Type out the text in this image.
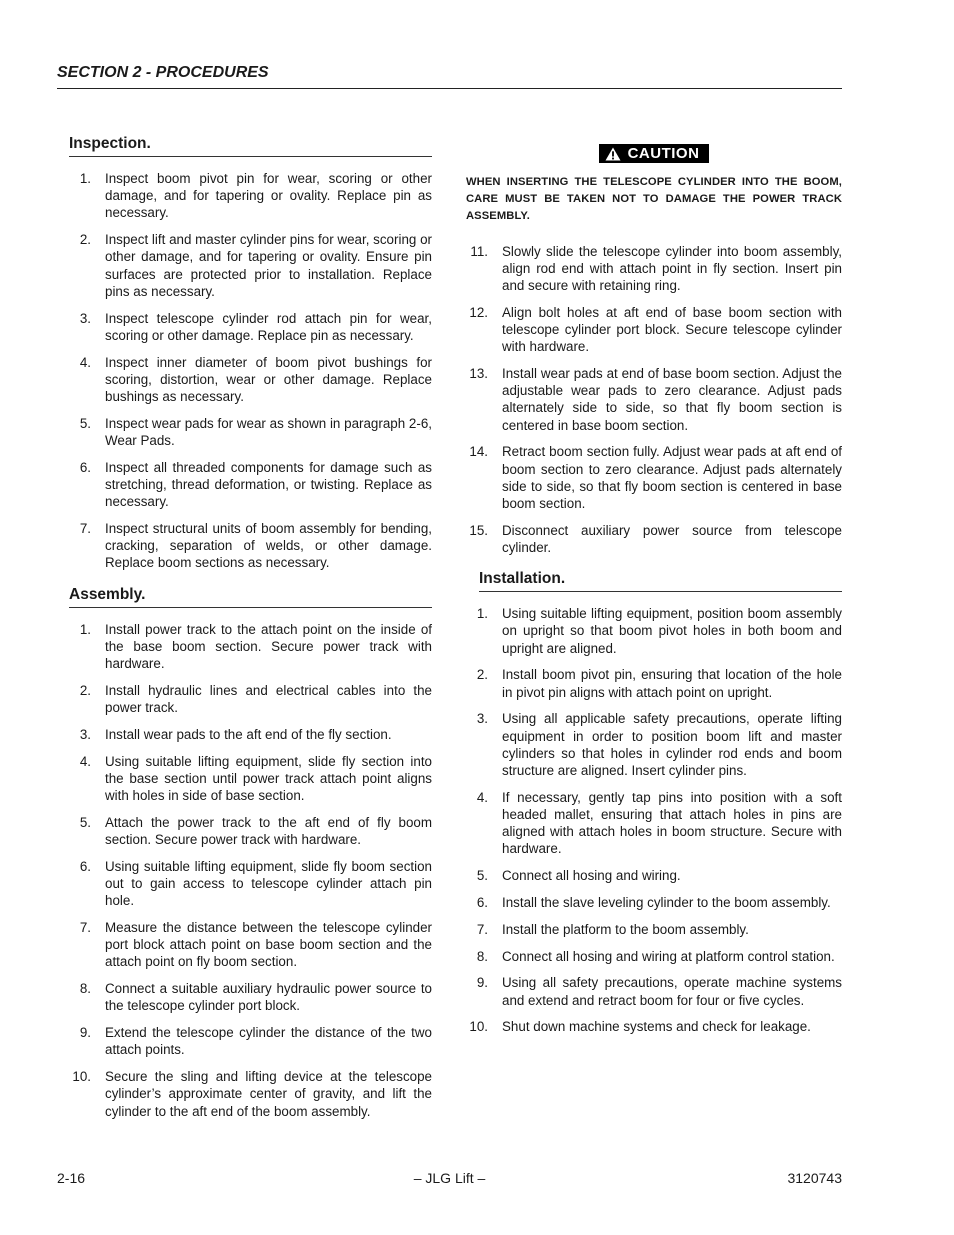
SECTION 2 - PROCEDURES
Inspection.
1.	Inspect boom pivot pin for wear, scoring or other damage, and for tapering or ovality. Replace pin as necessary.
2.	Inspect lift and master cylinder pins for wear, scoring or other damage, and for tapering or ovality. Ensure pin surfaces are protected prior to installation. Replace pins as necessary.
3.	Inspect telescope cylinder rod attach pin for wear, scoring or other damage. Replace pin as necessary.
4.	Inspect inner diameter of boom pivot bushings for scoring, distortion, wear or other damage. Replace bushings as necessary.
5.	Inspect wear pads for wear as shown in paragraph 2-6, Wear Pads.
6.	Inspect all threaded components for damage such as stretching, thread deformation, or twisting. Replace as necessary.
7.	Inspect structural units of boom assembly for bending, cracking, separation of welds, or other damage. Replace boom sections as necessary.
Assembly.
1.	Install power track to the attach point on the inside of the base boom section. Secure power track with hardware.
2.	Install hydraulic lines and electrical cables into the power track.
3.	Install wear pads to the aft end of the fly section.
4.	Using suitable lifting equipment, slide fly section into the base section until power track attach point aligns with holes in side of base section.
5.	Attach the power track to the aft end of fly boom section. Secure power track with hardware.
6.	Using suitable lifting equipment, slide fly boom section out to gain access to telescope cylinder attach pin hole.
7.	Measure the distance between the telescope cylinder port block attach point on base boom section and the attach point on fly boom section.
8.	Connect a suitable auxiliary hydraulic power source to the telescope cylinder port block.
9.	Extend the telescope cylinder the distance of the two attach points.
10.	Secure the sling and lifting device at the telescope cylinder’s approximate center of gravity, and lift the cylinder to the aft end of the boom assembly.
CAUTION
WHEN INSERTING THE TELESCOPE CYLINDER INTO THE BOOM, CARE MUST BE TAKEN NOT TO DAMAGE THE POWER TRACK ASSEMBLY.
11.	Slowly slide the telescope cylinder into boom assembly, align rod end with attach point in fly section. Insert pin and secure with retaining ring.
12.	Align bolt holes at aft end of base boom section with telescope cylinder port block. Secure telescope cylinder with hardware.
13.	Install wear pads at end of base boom section. Adjust the adjustable wear pads to zero clearance. Adjust pads alternately side to side, so that fly boom section is centered in base boom section.
14.	Retract boom section fully. Adjust wear pads at aft end of boom section to zero clearance. Adjust pads alternately side to side, so that fly boom section is centered in base boom section.
15.	Disconnect auxiliary power source from telescope cylinder.
Installation.
1.	Using suitable lifting equipment, position boom assembly on upright so that boom pivot holes in both boom and upright are aligned.
2.	Install boom pivot pin, ensuring that location of the hole in pivot pin aligns with attach point on upright.
3.	Using all applicable safety precautions, operate lifting equipment in order to position boom lift and master cylinders so that holes in cylinder rod ends and boom structure are aligned. Insert cylinder pins.
4.	If necessary, gently tap pins into position with a soft headed mallet, ensuring that attach holes in pins are aligned with attach holes in boom structure. Secure with hardware.
5.	Connect all hosing and wiring.
6.	Install the slave leveling cylinder to the boom assembly.
7.	Install the platform to the boom assembly.
8.	Connect all hosing and wiring at platform control station.
9.	Using all safety precautions, operate machine systems and extend and retract boom for four or five cycles.
10.	Shut down machine systems and check for leakage.
2-16	– JLG Lift –	3120743
